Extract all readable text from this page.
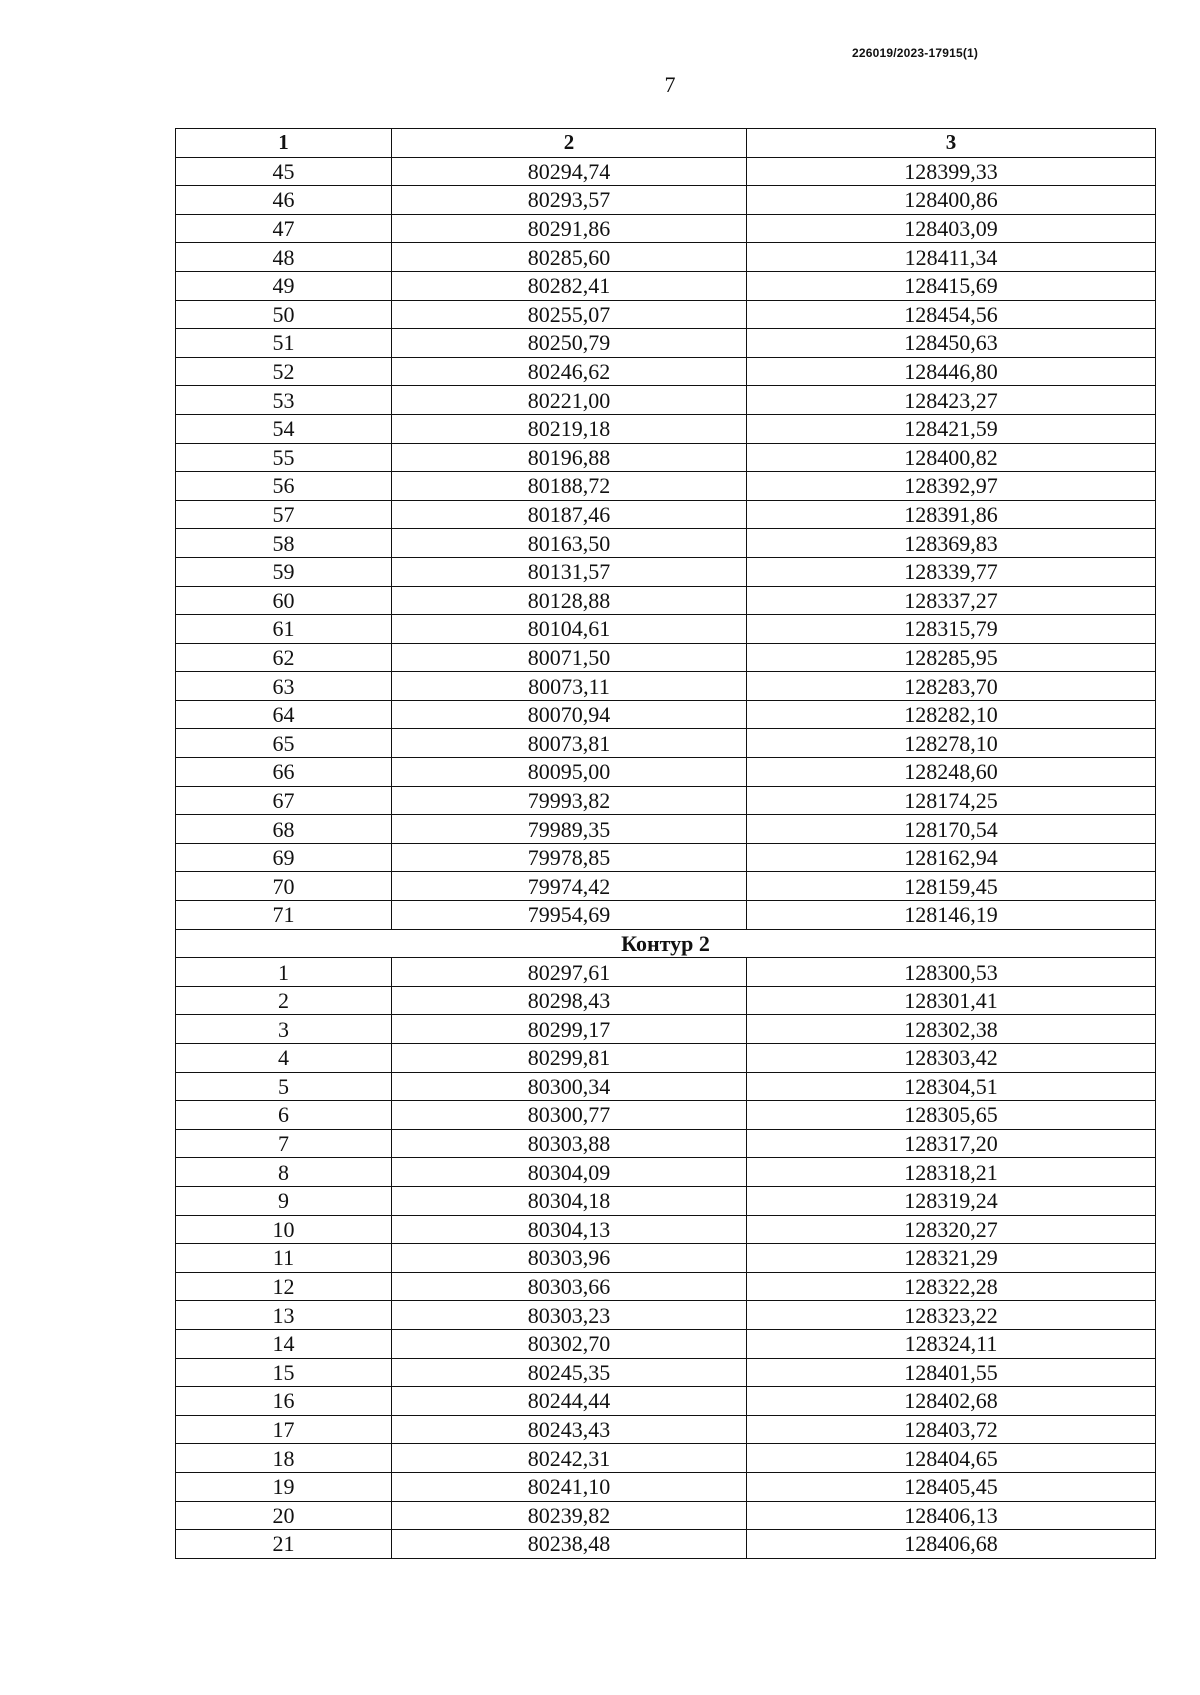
226019/2023-17915(1)
7
1	2	3
45	80294,74	128399,33
46	80293,57	128400,86
47	80291,86	128403,09
48	80285,60	128411,34
49	80282,41	128415,69
50	80255,07	128454,56
51	80250,79	128450,63
52	80246,62	128446,80
53	80221,00	128423,27
54	80219,18	128421,59
55	80196,88	128400,82
56	80188,72	128392,97
57	80187,46	128391,86
58	80163,50	128369,83
59	80131,57	128339,77
60	80128,88	128337,27
61	80104,61	128315,79
62	80071,50	128285,95
63	80073,11	128283,70
64	80070,94	128282,10
65	80073,81	128278,10
66	80095,00	128248,60
67	79993,82	128174,25
68	79989,35	128170,54
69	79978,85	128162,94
70	79974,42	128159,45
71	79954,69	128146,19
Контур 2		
1	80297,61	128300,53
2	80298,43	128301,41
3	80299,17	128302,38
4	80299,81	128303,42
5	80300,34	128304,51
6	80300,77	128305,65
7	80303,88	128317,20
8	80304,09	128318,21
9	80304,18	128319,24
10	80304,13	128320,27
11	80303,96	128321,29
12	80303,66	128322,28
13	80303,23	128323,22
14	80302,70	128324,11
15	80245,35	128401,55
16	80244,44	128402,68
17	80243,43	128403,72
18	80242,31	128404,65
19	80241,10	128405,45
20	80239,82	128406,13
21	80238,48	128406,68
